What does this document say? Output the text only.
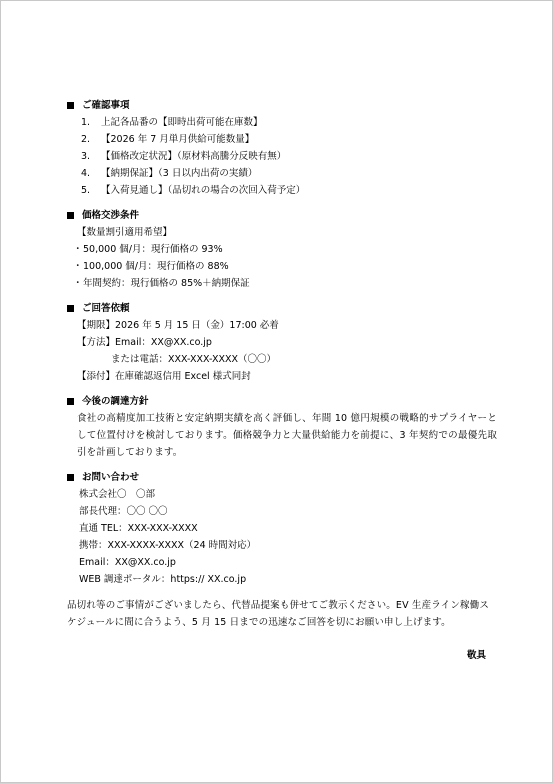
ご確認事項
1.	上記各品番の【即時出荷可能在庫数】
2.	【2026 年 7 月単月供給可能数量】
3.	【価格改定状況】（原材料高騰分反映有無）
4.	【納期保証】（3 日以内出荷の実績）
5.	【入荷見通し】（品切れの場合の次回入荷予定）
価格交渉条件
【数量割引適用希望】
・ 50,000 個/月：現行価格の 93%
・ 100,000 個/月：現行価格の 88%
・ 年間契約：現行価格の 85%＋納期保証
ご回答依頼
【期限】2026 年 5 月 15 日（金）17:00 必着
【方法】Email：XX@XX.co.jp
または電話：XXX-XXX-XXXX（〇〇）
【添付】在庫確認返信用 Excel 様式同封
今後の調達方針
食社の高精度加工技術と安定納期実績を高く評価し、年間 10 億円規模の戦略的サプライヤーとして位置付けを検討しております。価格競争力と大量供給能力を前提に、3 年契約での最優先取引を計画しております。
お問い合わせ
株式会社〇　〇部
部長代理：〇〇 〇〇
直通 TEL：XXX-XXX-XXXX
携帯：XXX-XXXX-XXXX（24 時間対応）
Email：XX@XX.co.jp
WEB 調達ポータル：https:// XX.co.jp
品切れ等のご事情がございましたら、代替品提案も併せてご教示ください。EV 生産ライン稼働スケジュールに間に合うよう、5 月 15 日までの迅速なご回答を切にお願い申し上げます。
敬具
